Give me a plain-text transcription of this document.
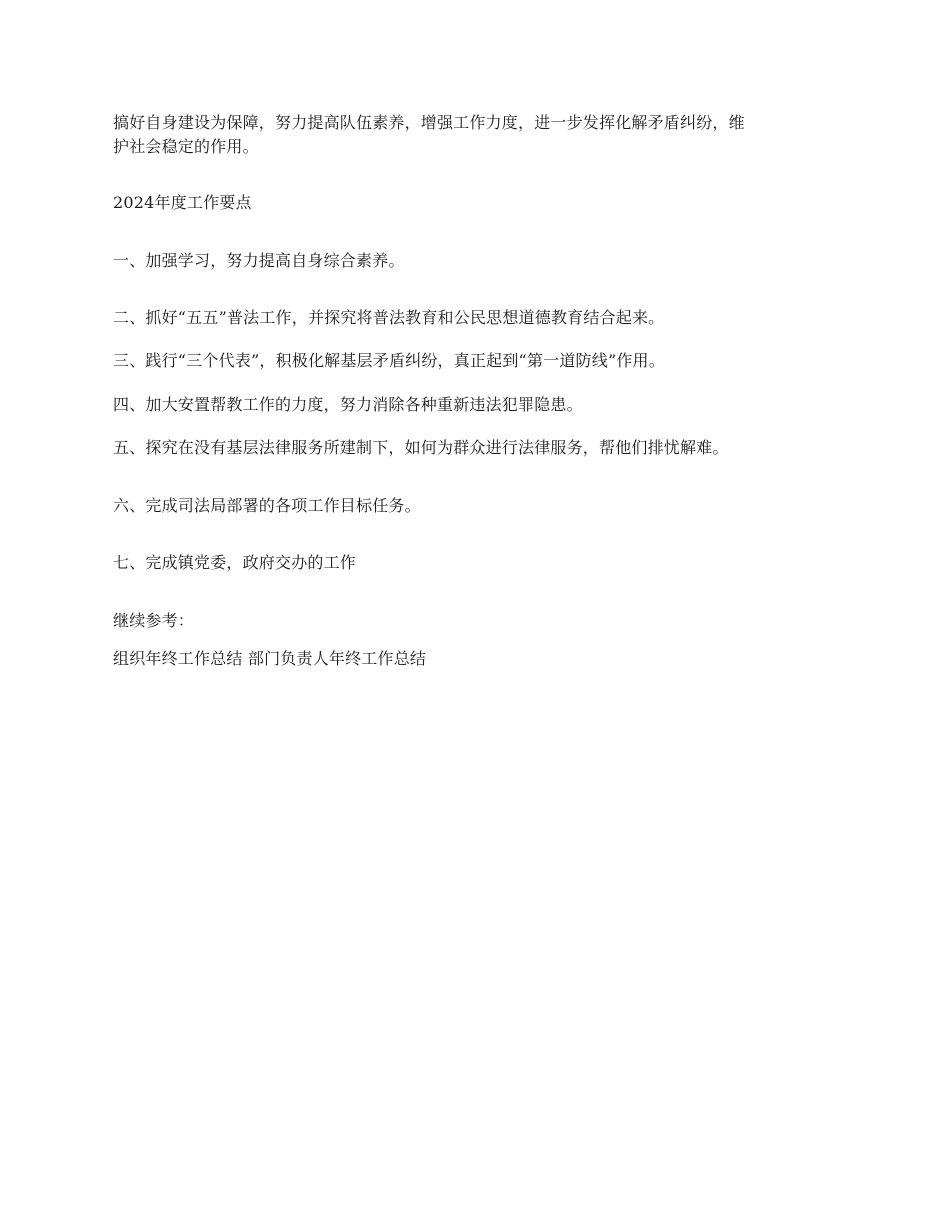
搞好自身建设为保障，努力提高队伍素养，增强工作力度，进一步发挥化解矛盾纠纷，维
护社会稳定的作用。
2024年度工作要点
一、加强学习，努力提高自身综合素养。
二、抓好“五五”普法工作，并探究将普法教育和公民思想道德教育结合起来。
三、践行“三个代表”，积极化解基层矛盾纠纷，真正起到“第一道防线”作用。
四、加大安置帮教工作的力度，努力消除各种重新违法犯罪隐患。
五、探究在没有基层法律服务所建制下，如何为群众进行法律服务，帮他们排忧解难。
六、完成司法局部署的各项工作目标任务。
七、完成镇党委，政府交办的工作
继续参考：
组织年终工作总结 部门负责人年终工作总结
